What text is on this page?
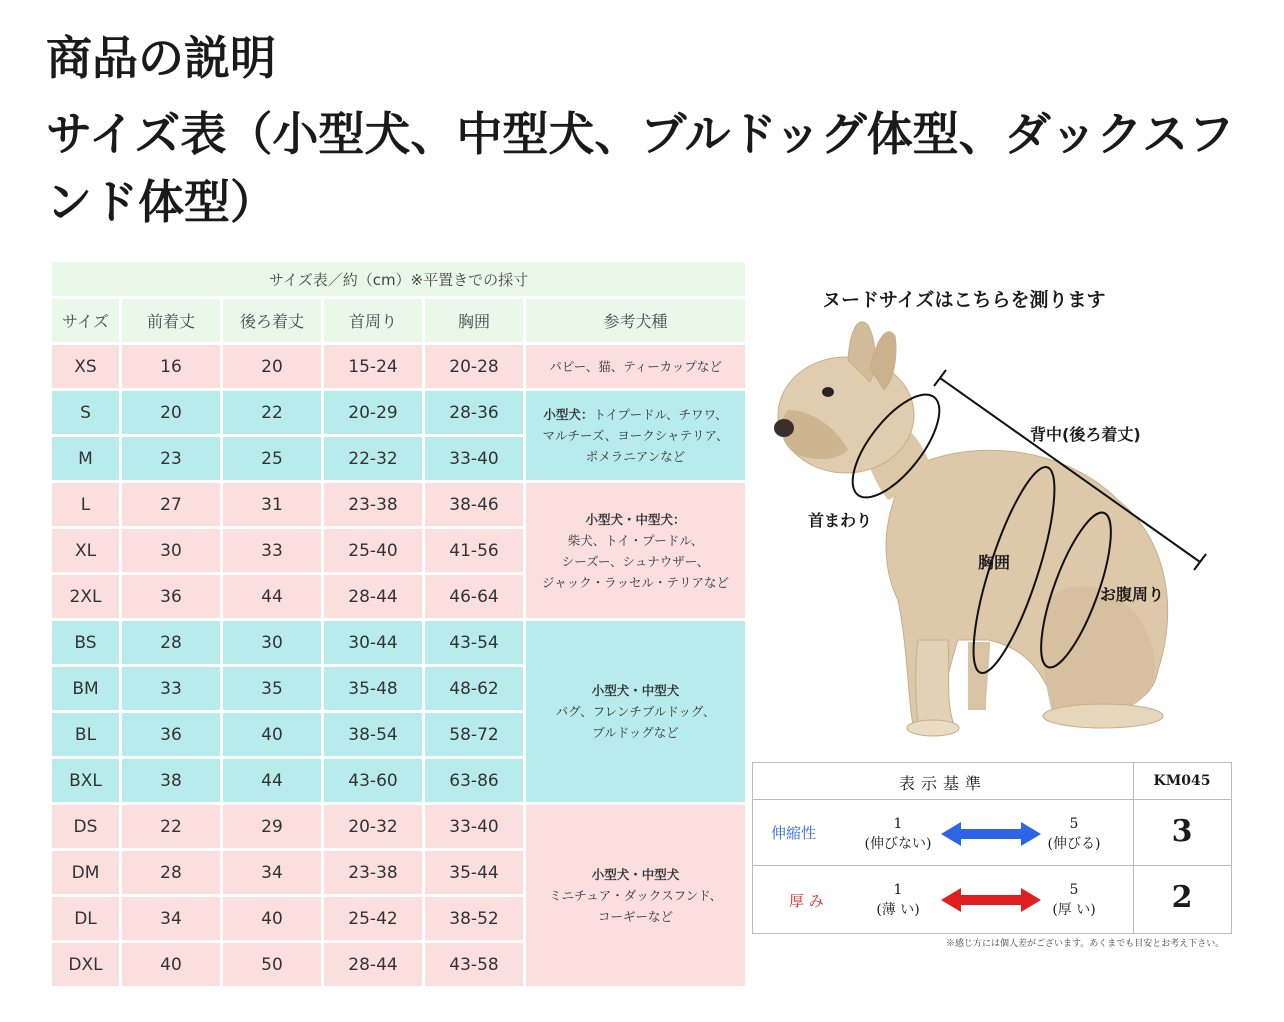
商品の説明
サイズ表（小型犬、中型犬、ブルドッグ体型、ダックスフンド体型）
サイズ表／約（cm）※平置きでの採寸					
サイズ	前着丈	後ろ着丈	首周り	胸囲	参考犬種
XS	16	20	15-24	20-28	パピー、猫、ティーカップなど
S	20	22	20-29	28-36	小型犬：トイプードル、チワワ、
マルチーズ、ヨークシャテリア、
ポメラニアンなど

M	23	25	22-32	33-40	
L	27	31	23-38	38-46	小型犬・中型犬：
柴犬、トイ・プードル、
シーズー、シュナウザー、
ジャック・ラッセル・テリアなど

XL	30	33	25-40	41-56	
2XL	36	44	28-44	46-64	
BS	28	30	30-44	43-54	小型犬・中型犬
パグ、フレンチブルドッグ、
ブルドッグなど

BM	33	35	35-48	48-62	
BL	36	40	38-54	58-72	
BXL	38	44	43-60	63-86	
DS	22	29	20-32	33-40	小型犬・中型犬
ミニチュア・ダックスフンド、
コーギーなど

DM	28	34	23-38	35-44	
DL	34	40	25-42	38-52	
DXL	40	50	28-44	43-58	
ヌードサイズはこちらを測ります
背中(後ろ着丈)
首まわり
胸囲
お腹周り
表示基準	KM045
伸縮性	1
(伸びない)
5
(伸びる)	3
厚 み
1
(薄 い)
5
(厚 い)	2
※感じ方には個人差がございます。あくまでも目安とお考え下さい。
